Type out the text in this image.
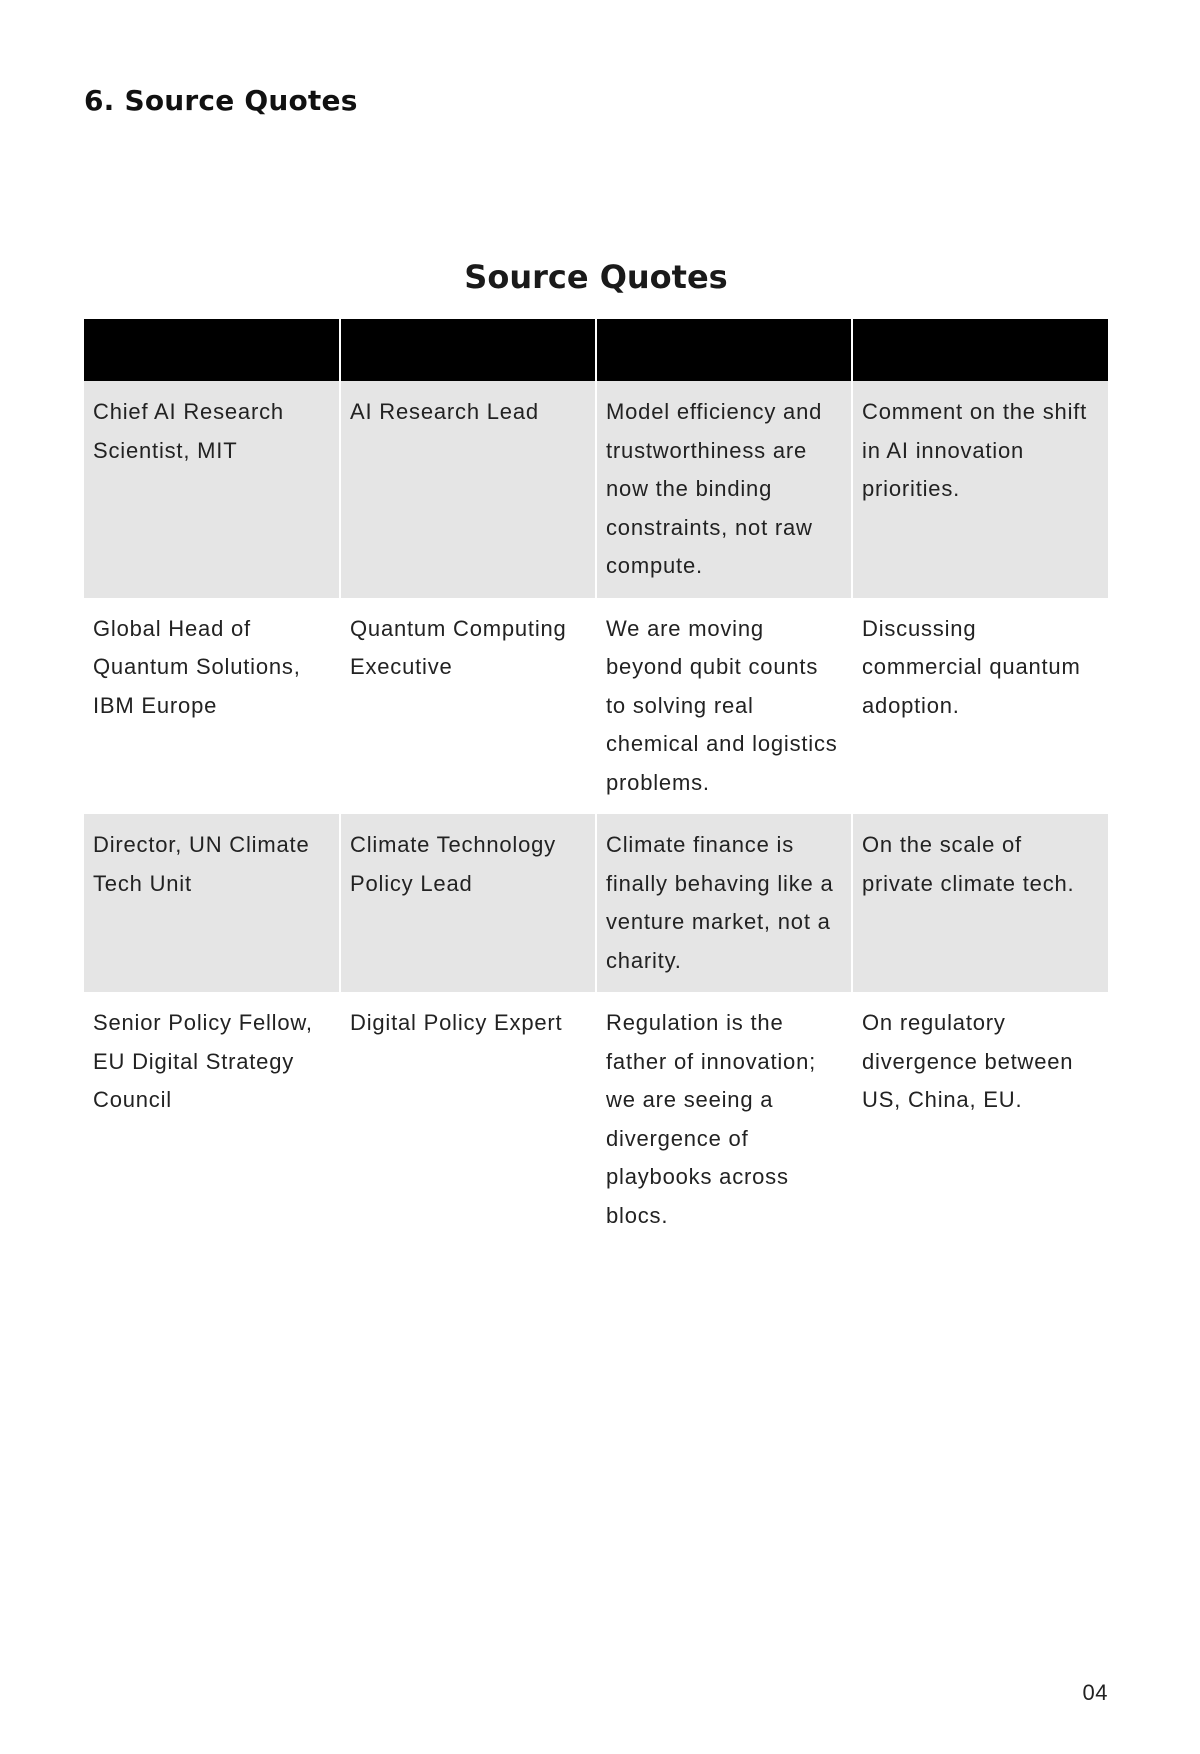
6. Source Quotes
Source Quotes

Chief AI Research Scientist, MIT	AI Research Lead	Model efficiency and trustworthiness are now the binding constraints, not raw compute.	Comment on the shift in AI innovation priorities.
Global Head of Quantum Solutions, IBM Europe	Quantum Computing Executive	We are moving beyond qubit counts to solving real chemical and logistics problems.	Discussing commercial quantum adoption.
Director, UN Climate Tech Unit	Climate Technology Policy Lead	Climate finance is finally behaving like a venture market, not a charity.	On the scale of private climate tech.
Senior Policy Fellow, EU Digital Strategy Council	Digital Policy Expert	Regulation is the father of innovation; we are seeing a divergence of playbooks across blocs.	On regulatory divergence between US, China, EU.
04
